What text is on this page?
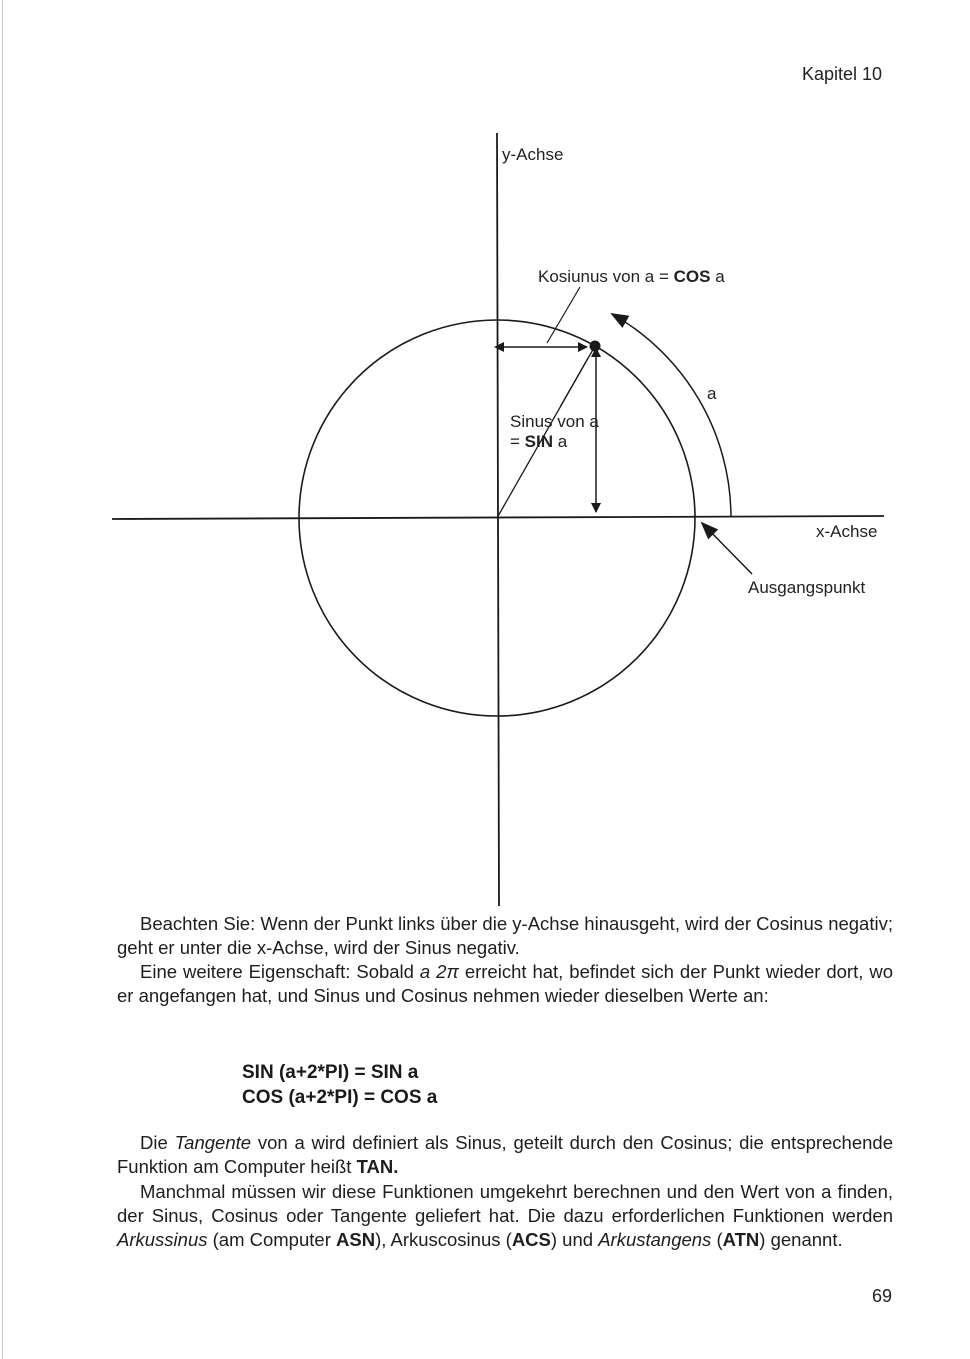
Kapitel 10
y-Achse
x-Achse
Kosiunus von a = COS a
Sinus von a
= SIN a
a
Ausgangspunkt

Beachten Sie: Wenn der Punkt links über die y-Achse hinausgeht, wird der Cosinus negativ; geht er unter die x-Achse, wird der Sinus negativ.

Eine weitere Eigenschaft: Sobald a 2π erreicht hat, befindet sich der Punkt wieder dort, wo er angefangen hat, und Sinus und Cosinus nehmen wieder dieselben Werte an:

SIN (a+2*PI) = SIN a
COS (a+2*PI) = COS a

Die Tangente von a wird definiert als Sinus, geteilt durch den Cosinus; die entsprechende Funktion am Computer heißt TAN.

Manchmal müssen wir diese Funktionen umgekehrt berechnen und den Wert von a finden, der Sinus, Cosinus oder Tangente geliefert hat. Die dazu erforderlichen Funktionen werden Arkussinus (am Computer ASN), Arkuscosinus (ACS) und Arkustangens (ATN) genannt.

69
